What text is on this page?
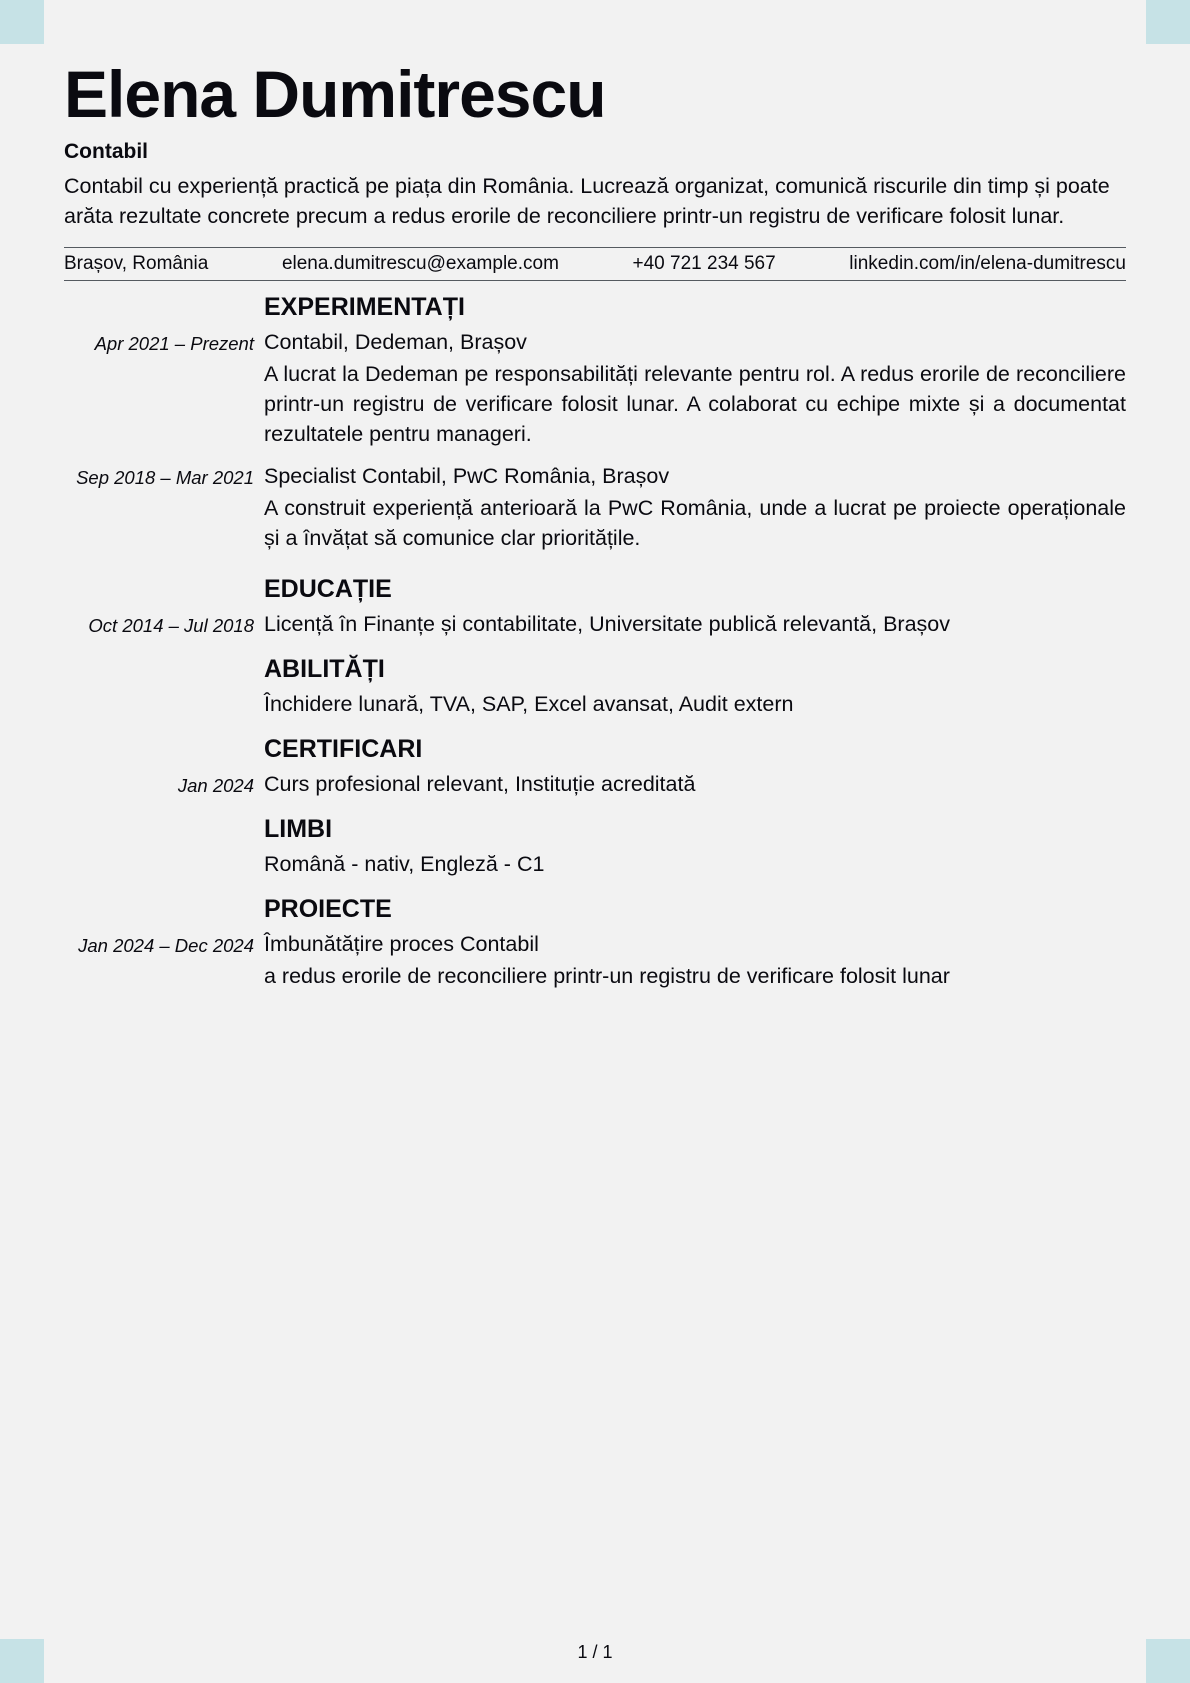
Elena Dumitrescu
Contabil
Contabil cu experiență practică pe piața din România. Lucrează organizat, comunică riscurile din timp și poate arăta rezultate concrete precum a redus erorile de reconciliere printr-un registru de verificare folosit lunar.
Brașov, România	elena.dumitrescu@example.com	+40 721 234 567	linkedin.com/in/elena-dumitrescu
EXPERIMENTAȚI
Apr 2021 – Prezent Contabil, Dedeman, Brașov
A lucrat la Dedeman pe responsabilități relevante pentru rol. A redus erorile de reconciliere printr-un registru de verificare folosit lunar. A colaborat cu echipe mixte și a documentat rezultatele pentru manageri.
Sep 2018 – Mar 2021 Specialist Contabil, PwC România, Brașov
A construit experiență anterioară la PwC România, unde a lucrat pe proiecte operaționale și a învățat să comunice clar prioritățile.
EDUCAȚIE
Oct 2014 – Jul 2018 Licență în Finanțe și contabilitate, Universitate publică relevantă, Brașov
ABILITĂȚI
Închidere lunară, TVA, SAP, Excel avansat, Audit extern
CERTIFICARI
Jan 2024 Curs profesional relevant, Instituție acreditată
LIMBI
Română - nativ, Engleză - C1
PROIECTE
Jan 2024 – Dec 2024 Îmbunătățire proces Contabil
a redus erorile de reconciliere printr-un registru de verificare folosit lunar
1 / 1
